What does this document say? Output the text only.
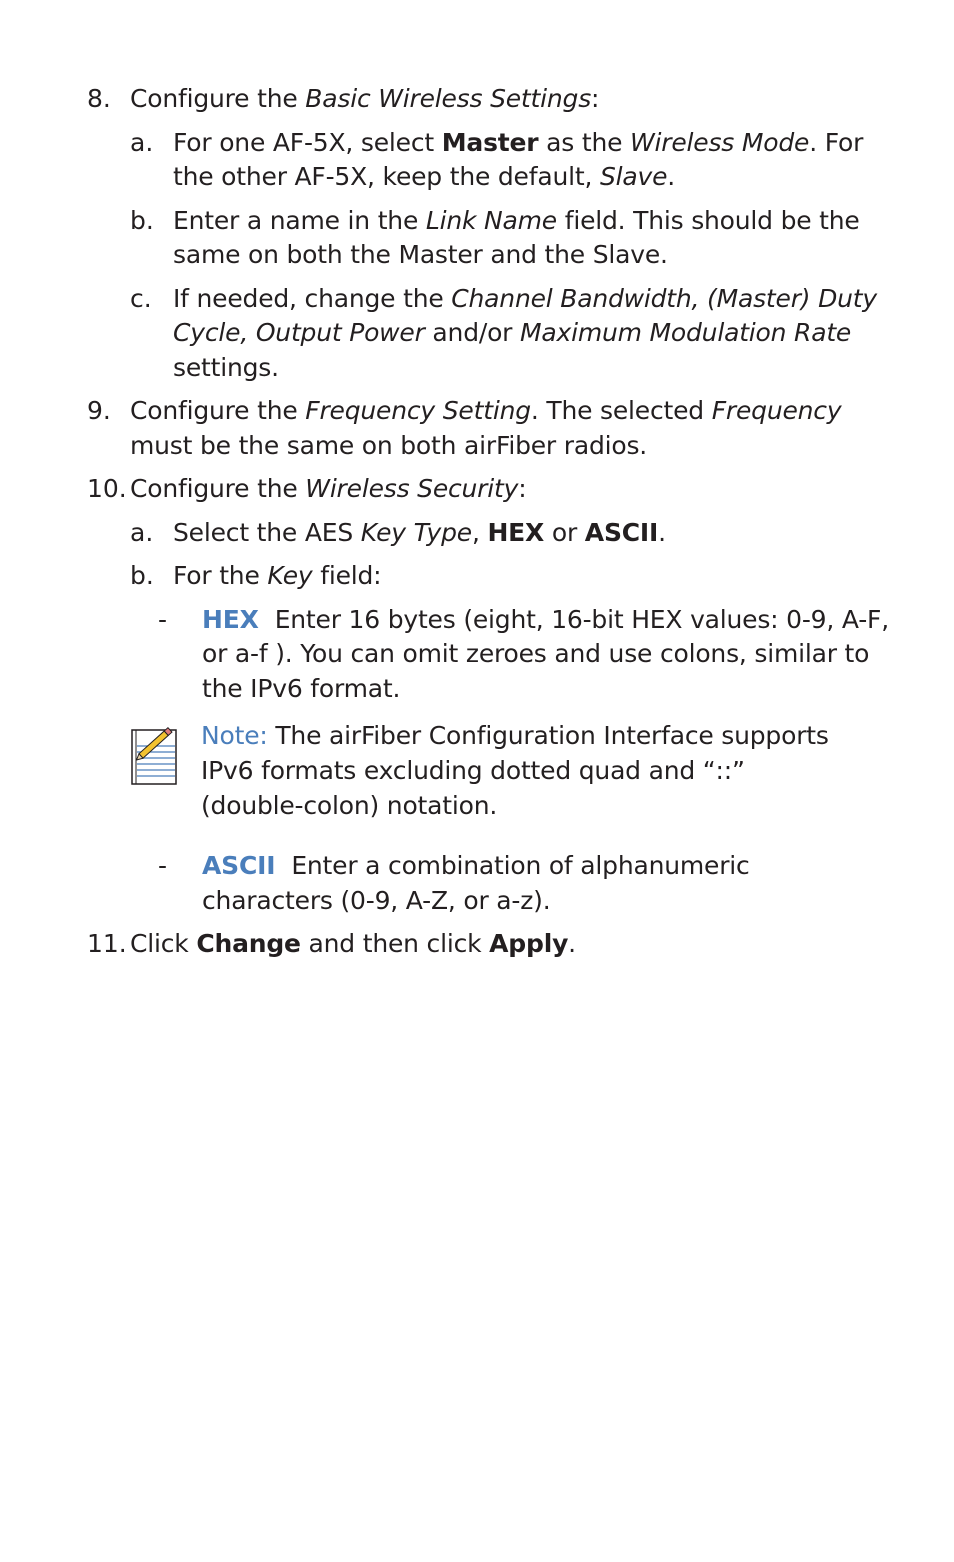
8. Configure the Basic Wireless Settings:
a. For one AF-5X, select Master as the Wireless Mode. For
the other AF-5X, keep the default, Slave.
b. Enter a name in the Link Name field. This should be the
same on both the Master and the Slave.
c. If needed, change the Channel Bandwidth, (Master) Duty
Cycle, Output Power and/or Maximum Modulation Rate
settings.
9. Configure the Frequency Setting. The selected Frequency
must be the same on both airFiber radios.
10. Configure the Wireless Security:
a. Select the AES Key Type, HEX or ASCII.
b. For the Key field:
- HEX Enter 16 bytes (eight, 16-bit HEX values: 0-9, A-F,
or a-f ). You can omit zeroes and use colons, similar to
the IPv6 format.
Note: The airFiber Configuration Interface supports
IPv6 formats excluding dotted quad and “::”
(double-colon) notation.
- ASCII Enter a combination of alphanumeric
characters (0-9, A-Z, or a-z).
11. Click Change and then click Apply.
